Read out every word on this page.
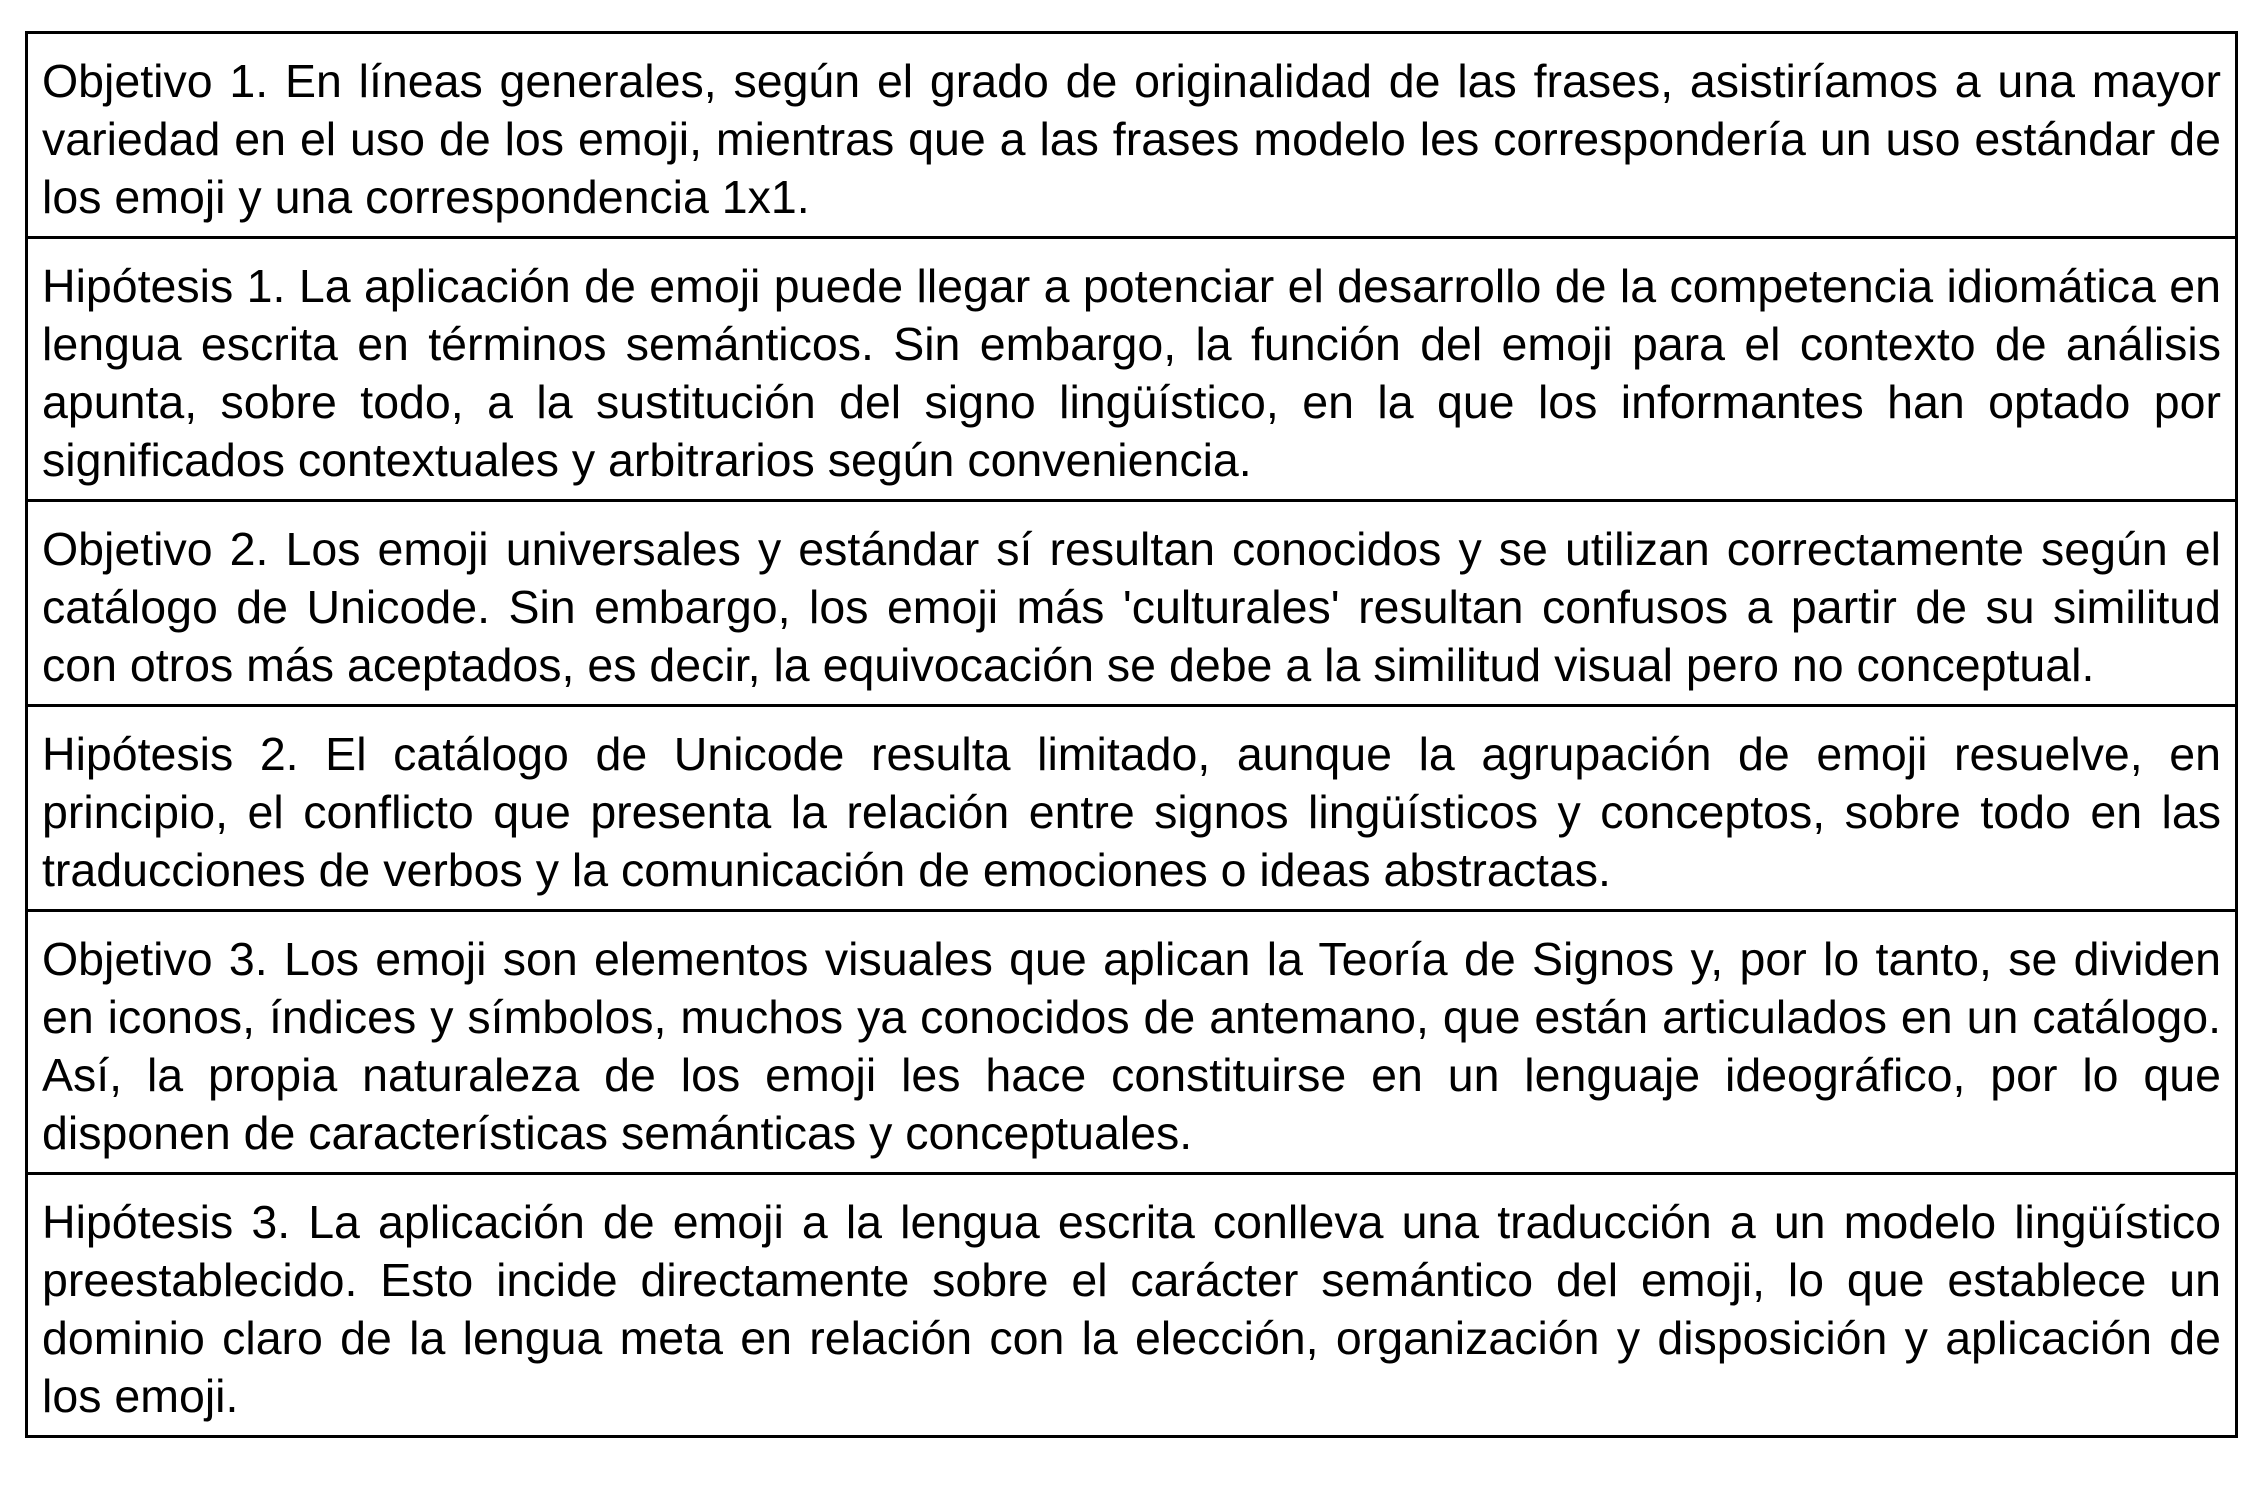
Objetivo 1. En líneas generales, según el grado de originalidad de las frases, asistiríamos a una mayor variedad en el uso de los emoji, mientras que a las frases modelo les correspondería un uso estándar de los emoji y una correspondencia 1x1.
Hipótesis 1. La aplicación de emoji puede llegar a potenciar el desarrollo de la competencia idiomática en lengua escrita en términos semánticos. Sin embargo, la función del emoji para el contexto de análisis apunta, sobre todo, a la sustitución del signo lingüístico, en la que los informantes han optado por significados contextuales y arbitrarios según conveniencia.
Objetivo 2. Los emoji universales y estándar sí resultan conocidos y se utilizan correctamente según el catálogo de Unicode. Sin embargo, los emoji más 'culturales' resultan confusos a partir de su similitud con otros más aceptados, es decir, la equivocación se debe a la similitud visual pero no conceptual.
Hipótesis 2. El catálogo de Unicode resulta limitado, aunque la agrupación de emoji resuelve, en principio, el conflicto que presenta la relación entre signos lingüísticos y conceptos, sobre todo en las traducciones de verbos y la comunicación de emociones o ideas abstractas.
Objetivo 3. Los emoji son elementos visuales que aplican la Teoría de Signos y, por lo tanto, se dividen en iconos, índices y símbolos, muchos ya conocidos de antemano, que están articulados en un catálogo. Así, la propia naturaleza de los emoji les hace constituirse en un lenguaje ideográfico, por lo que disponen de características semánticas y conceptuales.
Hipótesis 3. La aplicación de emoji a la lengua escrita conlleva una traducción a un modelo lingüístico preestablecido. Esto incide directamente sobre el carácter semántico del emoji, lo que establece un dominio claro de la lengua meta en relación con la elección, organización y disposición y aplicación de los emoji.
